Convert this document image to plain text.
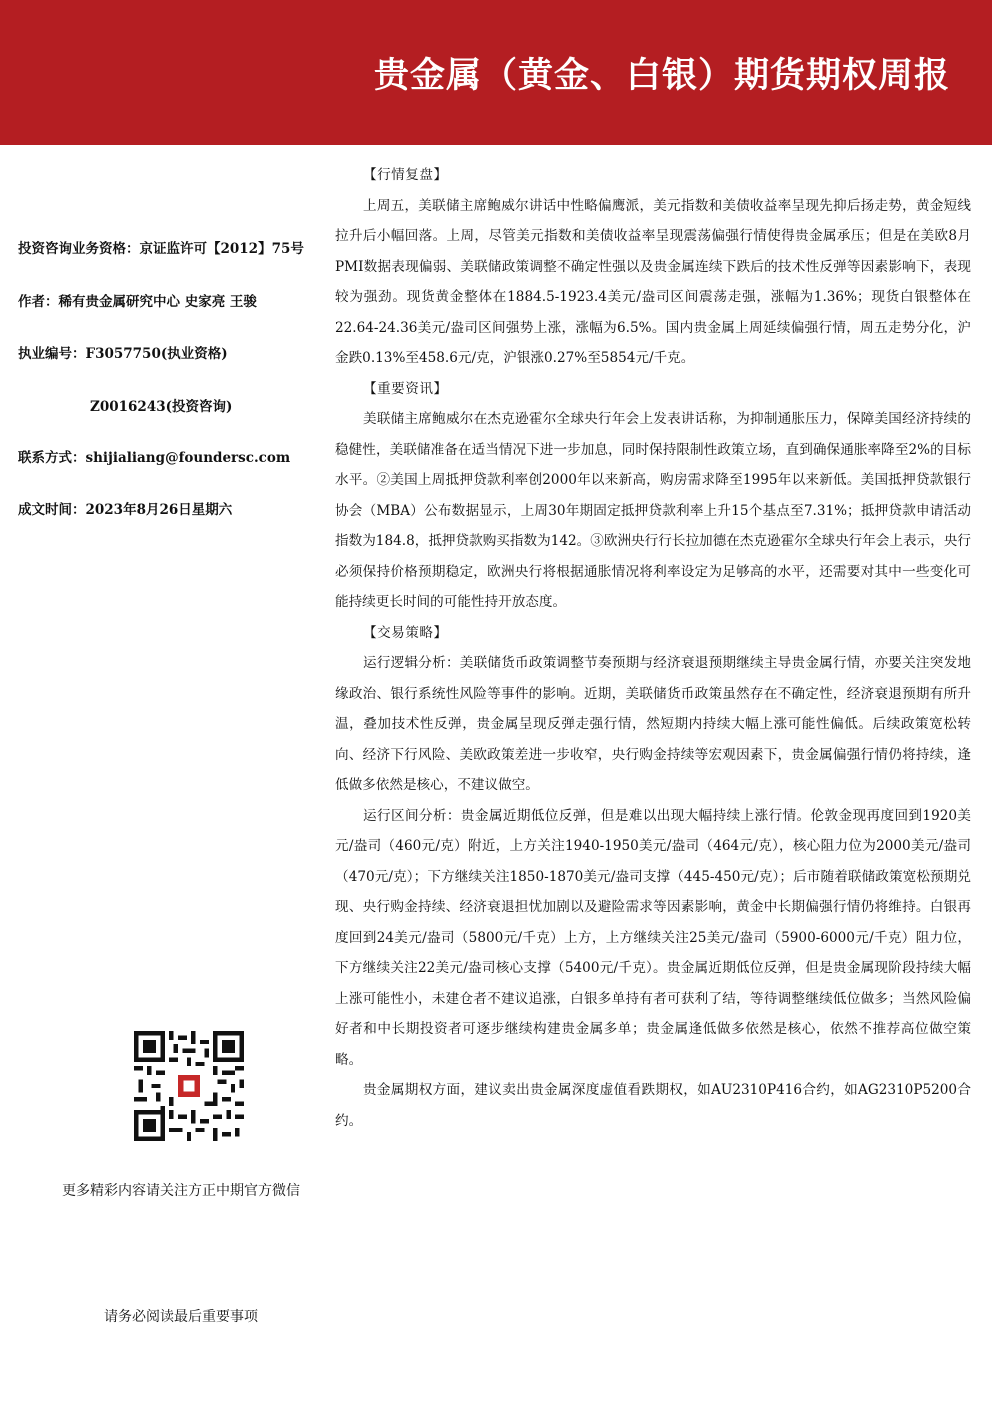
贵金属（黄金、白银）期货期权周报
投资咨询业务资格：京证监许可【2012】75号
作者：稀有贵金属研究中心 史家亮 王骏
执业编号：F3057750(执业资格)
Z0016243(投资咨询)
联系方式：shijialiang@foundersc.com
成文时间：2023年8月26日星期六
更多精彩内容请关注方正中期官方微信
请务必阅读最后重要事项

【行情复盘】

上周五，美联储主席鲍威尔讲话中性略偏鹰派，美元指数和美债收益率呈现先抑后扬走势，黄金短线拉升后小幅回落。上周，尽管美元指数和美债收益率呈现震荡偏强行情使得贵金属承压；但是在美欧8月PMI数据表现偏弱、美联储政策调整不确定性强以及贵金属连续下跌后的技术性反弹等因素影响下，表现较为强劲。现货黄金整体在1884.5-1923.4美元/盎司区间震荡走强，涨幅为1.36%；现货白银整体在22.64-24.36美元/盎司区间强势上涨，涨幅为6.5%。国内贵金属上周延续偏强行情，周五走势分化，沪金跌0.13%至458.6元/克，沪银涨0.27%至5854元/千克。

【重要资讯】

美联储主席鲍威尔在杰克逊霍尔全球央行年会上发表讲话称，为抑制通胀压力，保障美国经济持续的稳健性，美联储准备在适当情况下进一步加息，同时保持限制性政策立场，直到确保通胀率降至2%的目标水平。②美国上周抵押贷款利率创2000年以来新高，购房需求降至1995年以来新低。美国抵押贷款银行协会（MBA）公布数据显示，上周30年期固定抵押贷款利率上升15个基点至7.31%；抵押贷款申请活动指数为184.8，抵押贷款购买指数为142。③欧洲央行行长拉加德在杰克逊霍尔全球央行年会上表示，央行必须保持价格预期稳定，欧洲央行将根据通胀情况将利率设定为足够高的水平，还需要对其中一些变化可能持续更长时间的可能性持开放态度。

【交易策略】

运行逻辑分析：美联储货币政策调整节奏预期与经济衰退预期继续主导贵金属行情，亦要关注突发地缘政治、银行系统性风险等事件的影响。近期，美联储货币政策虽然存在不确定性，经济衰退预期有所升温，叠加技术性反弹，贵金属呈现反弹走强行情，然短期内持续大幅上涨可能性偏低。后续政策宽松转向、经济下行风险、美欧政策差进一步收窄，央行购金持续等宏观因素下，贵金属偏强行情仍将持续，逢低做多依然是核心，不建议做空。

运行区间分析：贵金属近期低位反弹，但是难以出现大幅持续上涨行情。伦敦金现再度回到1920美元/盎司（460元/克）附近，上方关注1940-1950美元/盎司（464元/克），核心阻力位为2000美元/盎司（470元/克）；下方继续关注1850-1870美元/盎司支撑（445-450元/克）；后市随着联储政策宽松预期兑现、央行购金持续、经济衰退担忧加剧以及避险需求等因素影响，黄金中长期偏强行情仍将维持。白银再度回到24美元/盎司（5800元/千克）上方，上方继续关注25美元/盎司（5900-6000元/千克）阻力位，下方继续关注22美元/盎司核心支撑（5400元/千克）。贵金属近期低位反弹，但是贵金属现阶段持续大幅上涨可能性小，未建仓者不建议追涨，白银多单持有者可获利了结，等待调整继续低位做多；当然风险偏好者和中长期投资者可逐步继续构建贵金属多单；贵金属逢低做多依然是核心，依然不推荐高位做空策略。

贵金属期权方面，建议卖出贵金属深度虚值看跌期权，如AU2310P416合约，如AG2310P5200合约。
